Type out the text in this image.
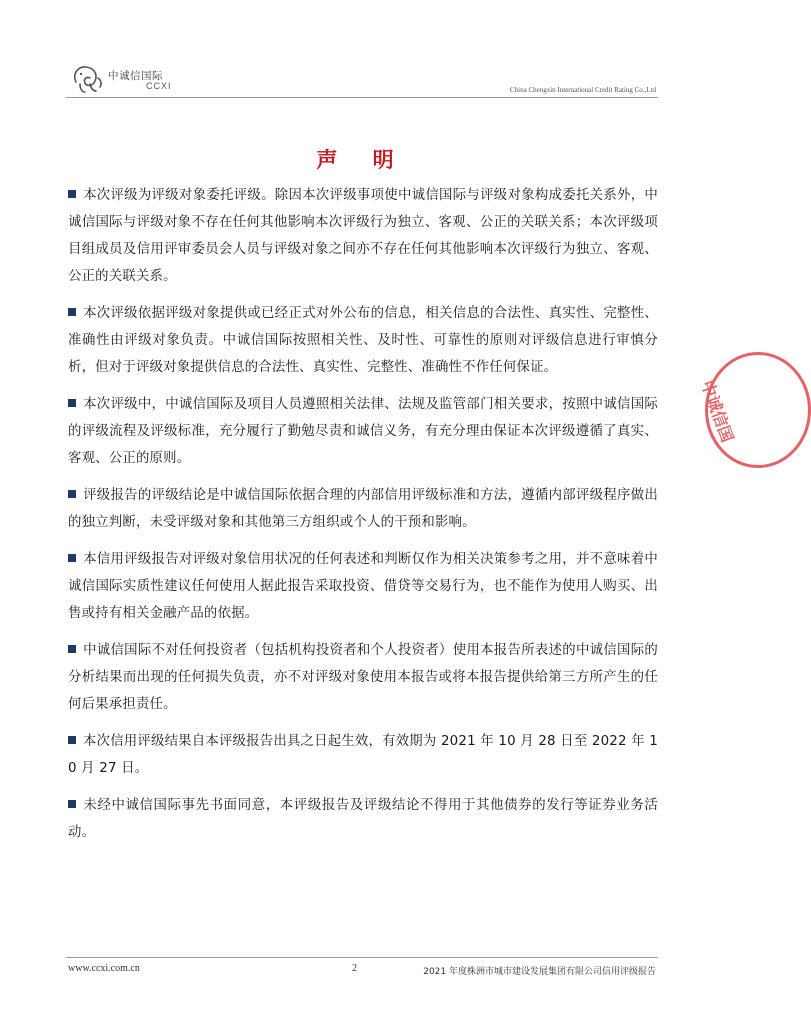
中诚信国际
CCXI	China Chengxin International Credit Rating Co.,Ltd
声 明

本次评级为评级对象委托评级。除因本次评级事项使中诚信国际与评级对象构成委托关系外，中诚信国际与评级对象不存在任何其他影响本次评级行为独立、客观、公正的关联关系；本次评级项目组成员及信用评审委员会人员与评级对象之间亦不存在任何其他影响本次评级行为独立、客观、公正的关联关系。

本次评级依据评级对象提供或已经正式对外公布的信息，相关信息的合法性、真实性、完整性、准确性由评级对象负责。中诚信国际按照相关性、及时性、可靠性的原则对评级信息进行审慎分析，但对于评级对象提供信息的合法性、真实性、完整性、准确性不作任何保证。

本次评级中，中诚信国际及项目人员遵照相关法律、法规及监管部门相关要求，按照中诚信国际的评级流程及评级标准，充分履行了勤勉尽责和诚信义务，有充分理由保证本次评级遵循了真实、客观、公正的原则。

评级报告的评级结论是中诚信国际依据合理的内部信用评级标准和方法，遵循内部评级程序做出的独立判断，未受评级对象和其他第三方组织或个人的干预和影响。

本信用评级报告对评级对象信用状况的任何表述和判断仅作为相关决策参考之用，并不意味着中诚信国际实质性建议任何使用人据此报告采取投资、借贷等交易行为，也不能作为使用人购买、出售或持有相关金融产品的依据。

中诚信国际不对任何投资者（包括机构投资者和个人投资者）使用本报告所表述的中诚信国际的分析结果而出现的任何损失负责，亦不对评级对象使用本报告或将本报告提供给第三方所产生的任何后果承担责任。

本次信用评级结果自本评级报告出具之日起生效，有效期为 2021 年 10 月 28 日至 2022 年 10 月 27 日。

未经中诚信国际事先书面同意，本评级报告及评级结论不得用于其他债券的发行等证券业务活动。

中诚信国
www.ccxi.com.cn	2	2021 年度株洲市城市建设发展集团有限公司信用评级报告
